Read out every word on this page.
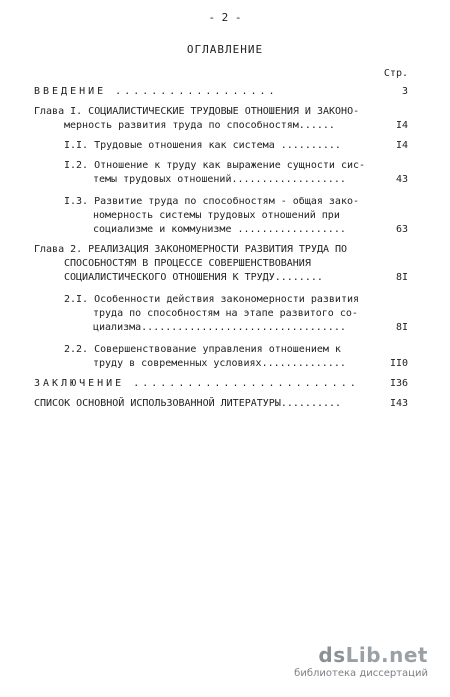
- 2 -
ОГЛАВЛЕНИЕ
Стр.
ВВЕДЕНИЕ ..................	3
Глава I. СОЦИАЛИСТИЧЕСКИЕ ТРУДОВЫЕ ОТНОШЕНИЯ И ЗАКОНО-
мерность развития труда по способностям......	I4
I.I. Трудовые отношения как система ..........	I4
I.2. Отношение к труду как выражение сущности сис-
темы трудовых отношений...................	43
I.3. Развитие труда по способностям - общая зако-
номерность системы трудовых отношений при
социализме и коммунизме ..................	63
Глава 2. РЕАЛИЗАЦИЯ ЗАКОНОМЕРНОСТИ РАЗВИТИЯ ТРУДА ПО
СПОСОБНОСТЯМ В ПРОЦЕССЕ СОВЕРШЕНСТВОВАНИЯ
СОЦИАЛИСТИЧЕСКОГО ОТНОШЕНИЯ К ТРУДУ........	8I
2.I. Особенности действия закономерности развития
труда по способностям на этапе развитого со-
циализма..................................	8I
2.2. Совершенствование управления отношением к
труду в современных условиях..............	II0
ЗАКЛЮЧЕНИЕ .........................	I36
СПИСОК ОСНОВНОЙ ИСПОЛЬЗОВАННОЙ ЛИТЕРАТУРЫ..........	I43
dsLib.net
библиотека диссертаций
